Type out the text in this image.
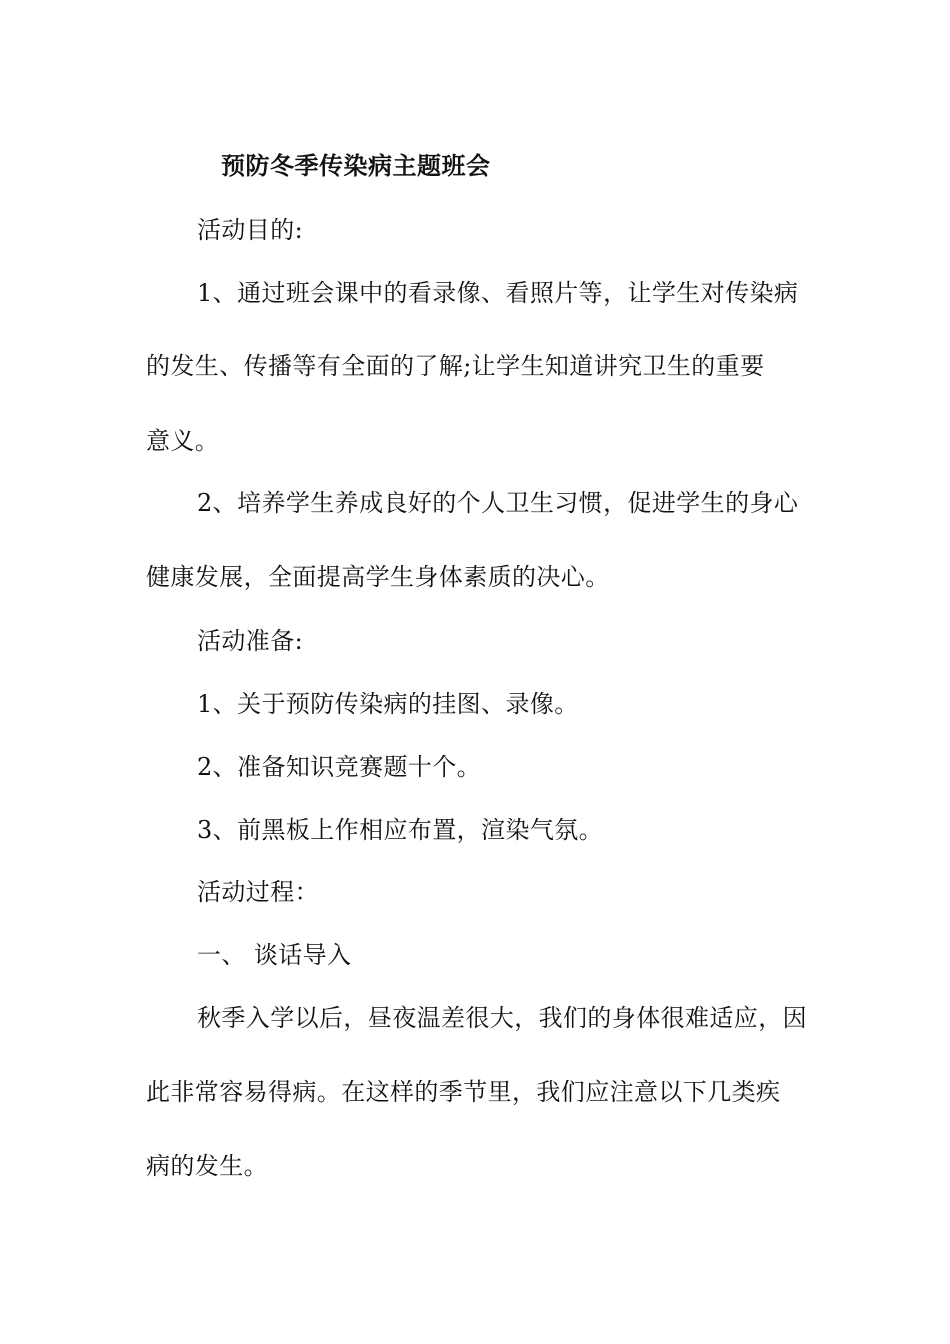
预防冬季传染病主题班会
活动目的:
1、通过班会课中的看录像、看照片等，让学生对传染病
的发生、传播等有全面的了解;让学生知道讲究卫生的重要
意义。
2、培养学生养成良好的个人卫生习惯，促进学生的身心
健康发展，全面提高学生身体素质的决心。
活动准备:
1、关于预防传染病的挂图、录像。
2、准备知识竞赛题十个。
3、前黑板上作相应布置，渲染气氛。
活动过程：
一、 谈话导入
秋季入学以后，昼夜温差很大，我们的身体很难适应，因
此非常容易得病。在这样的季节里，我们应注意以下几类疾
病的发生。
